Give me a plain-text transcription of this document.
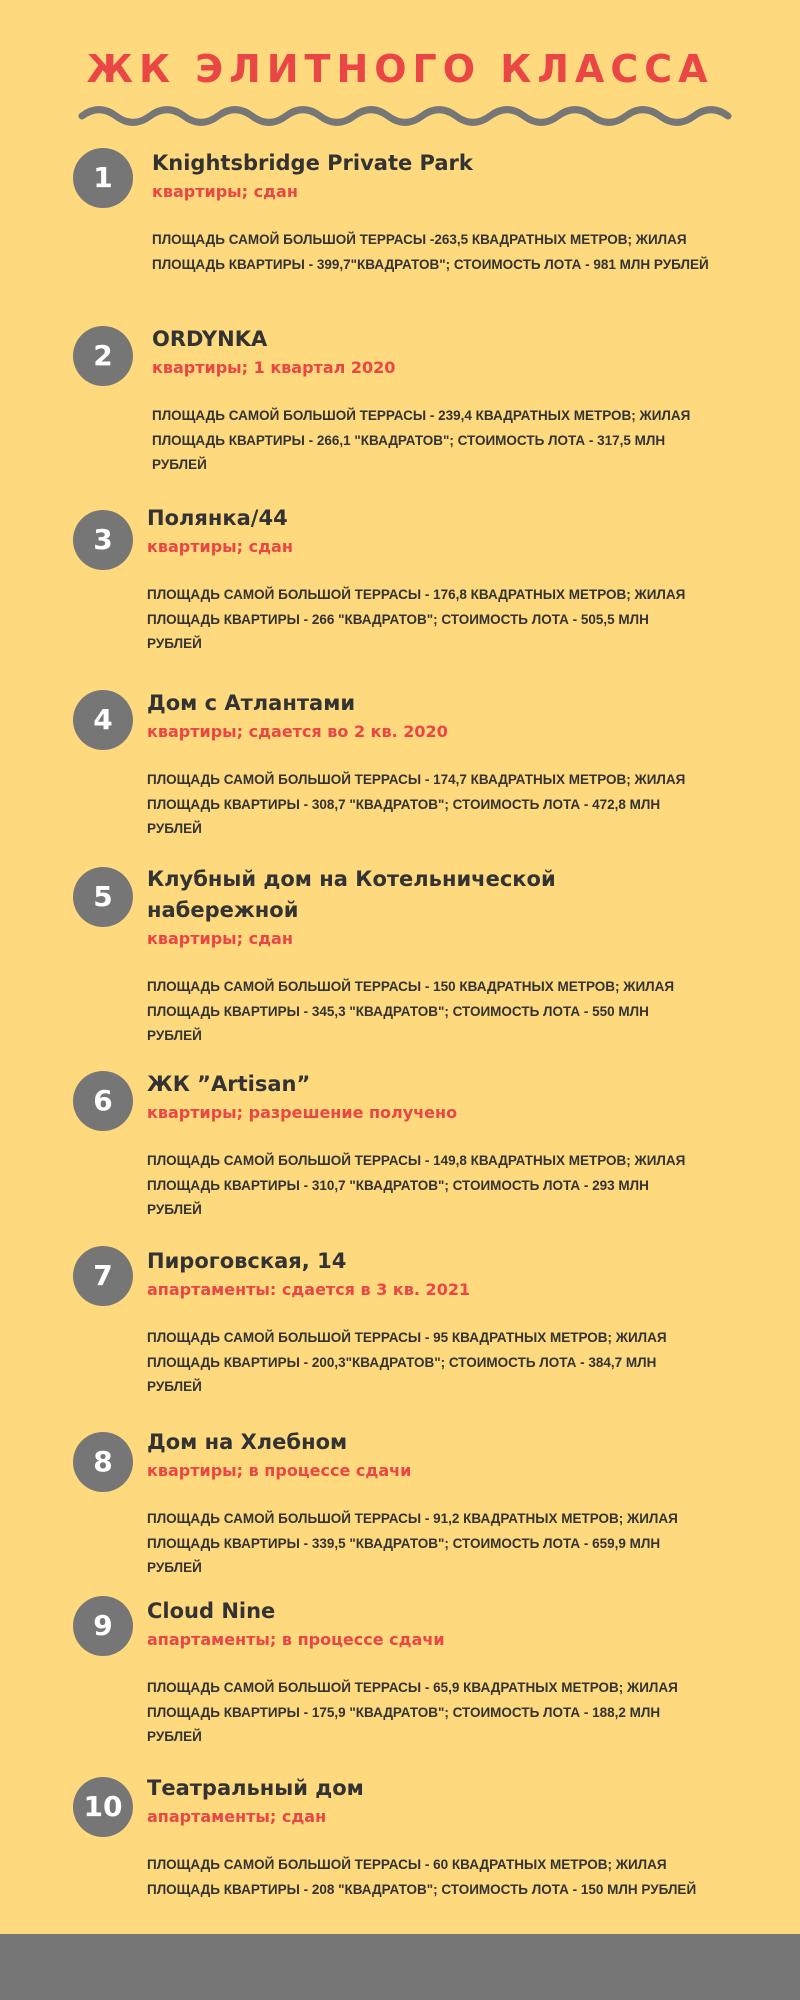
ЖК ЭЛИТНОГО КЛАССА
1	Knightsbridge Private Park
квартиры; сдан
ПЛОЩАДЬ САМОЙ БОЛЬШОЙ ТЕРРАСЫ -263,5 КВАДРАТНЫХ МЕТРОВ; ЖИЛАЯ ПЛОЩАДЬ КВАРТИРЫ - 399,7"КВАДРАТОВ"; СТОИМОСТЬ ЛОТА - 981 МЛН РУБЛЕЙ
2	ORDYNKA
квартиры; 1 квартал 2020
ПЛОЩАДЬ САМОЙ БОЛЬШОЙ ТЕРРАСЫ - 239,4 КВАДРАТНЫХ МЕТРОВ; ЖИЛАЯ ПЛОЩАДЬ КВАРТИРЫ - 266,1 "КВАДРАТОВ"; СТОИМОСТЬ ЛОТА - 317,5 МЛН РУБЛЕЙ
3
Полянка/44
квартиры; сдан
ПЛОЩАДЬ САМОЙ БОЛЬШОЙ ТЕРРАСЫ - 176,8 КВАДРАТНЫХ МЕТРОВ; ЖИЛАЯ ПЛОЩАДЬ КВАРТИРЫ - 266 "КВАДРАТОВ"; СТОИМОСТЬ ЛОТА - 505,5 МЛН РУБЛЕЙ
4	Дом с Атлантами
квартиры; сдается во 2 кв. 2020
ПЛОЩАДЬ САМОЙ БОЛЬШОЙ ТЕРРАСЫ - 174,7 КВАДРАТНЫХ МЕТРОВ; ЖИЛАЯ ПЛОЩАДЬ КВАРТИРЫ - 308,7 "КВАДРАТОВ"; СТОИМОСТЬ ЛОТА - 472,8 МЛН РУБЛЕЙ
5
Клубный дом на Котельнической набережной
квартиры; сдан
ПЛОЩАДЬ САМОЙ БОЛЬШОЙ ТЕРРАСЫ - 150 КВАДРАТНЫХ МЕТРОВ; ЖИЛАЯ ПЛОЩАДЬ КВАРТИРЫ - 345,3 "КВАДРАТОВ"; СТОИМОСТЬ ЛОТА - 550 МЛН РУБЛЕЙ
6	ЖК ”Artisan”
квартиры; разрешение получено
ПЛОЩАДЬ САМОЙ БОЛЬШОЙ ТЕРРАСЫ - 149,8 КВАДРАТНЫХ МЕТРОВ; ЖИЛАЯ ПЛОЩАДЬ КВАРТИРЫ - 310,7 "КВАДРАТОВ"; СТОИМОСТЬ ЛОТА - 293 МЛН РУБЛЕЙ
7	Пироговская, 14
апартаменты: сдается в 3 кв. 2021
ПЛОЩАДЬ САМОЙ БОЛЬШОЙ ТЕРРАСЫ - 95 КВАДРАТНЫХ МЕТРОВ; ЖИЛАЯ ПЛОЩАДЬ КВАРТИРЫ - 200,3"КВАДРАТОВ"; СТОИМОСТЬ ЛОТА - 384,7 МЛН РУБЛЕЙ
8
Дом на Хлебном
квартиры; в процессе сдачи
ПЛОЩАДЬ САМОЙ БОЛЬШОЙ ТЕРРАСЫ - 91,2 КВАДРАТНЫХ МЕТРОВ; ЖИЛАЯ ПЛОЩАДЬ КВАРТИРЫ - 339,5 "КВАДРАТОВ"; СТОИМОСТЬ ЛОТА - 659,9 МЛН РУБЛЕЙ
9	Cloud Nine
апартаменты; в процессе сдачи
ПЛОЩАДЬ САМОЙ БОЛЬШОЙ ТЕРРАСЫ - 65,9 КВАДРАТНЫХ МЕТРОВ; ЖИЛАЯ ПЛОЩАДЬ КВАРТИРЫ - 175,9 "КВАДРАТОВ"; СТОИМОСТЬ ЛОТА - 188,2 МЛН РУБЛЕЙ
10
Театральный дом
апартаменты; сдан
ПЛОЩАДЬ САМОЙ БОЛЬШОЙ ТЕРРАСЫ - 60 КВАДРАТНЫХ МЕТРОВ; ЖИЛАЯ ПЛОЩАДЬ КВАРТИРЫ - 208 "КВАДРАТОВ"; СТОИМОСТЬ ЛОТА - 150 МЛН РУБЛЕЙ
